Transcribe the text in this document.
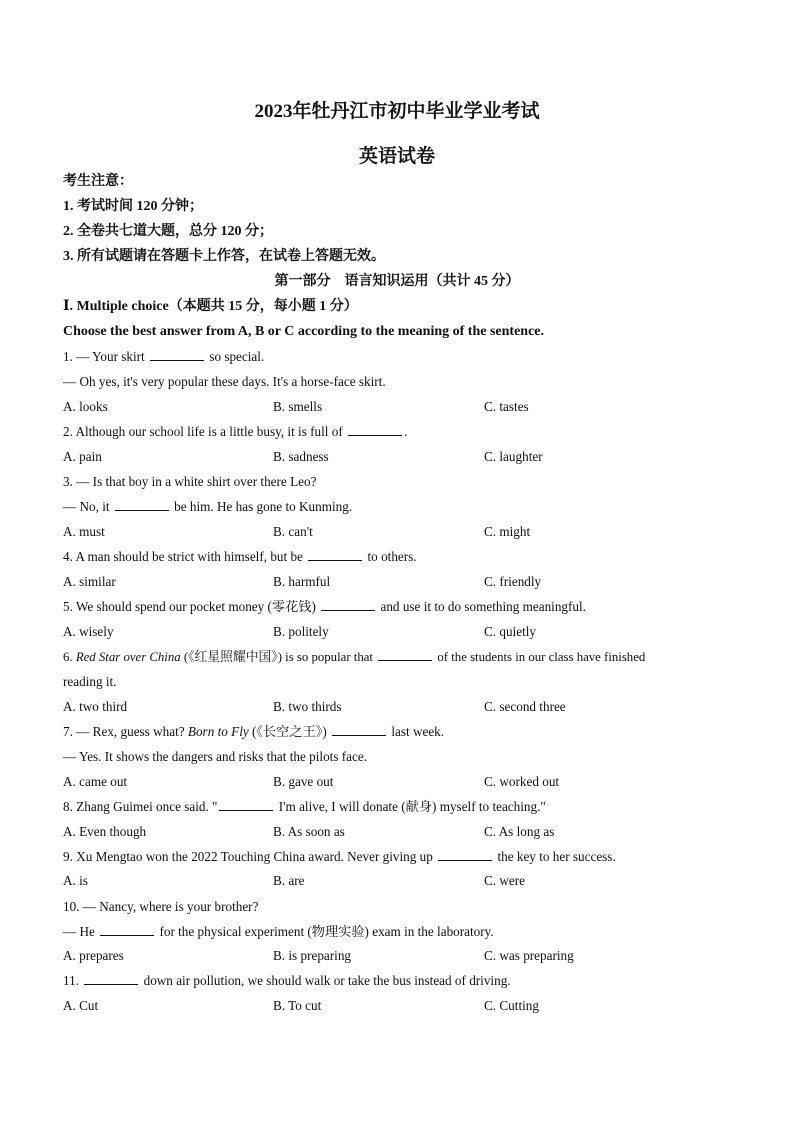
2023年牡丹江市初中毕业学业考试
英语试卷
考生注意：
1. 考试时间 120 分钟；
2. 全卷共七道大题，总分 120 分；
3. 所有试题请在答题卡上作答，在试卷上答题无效。
第一部分　语言知识运用（共计 45 分）
Ⅰ. Multiple choice（本题共 15 分，每小题 1 分）
Choose the best answer from A, B or C according to the meaning of the sentence.
1. — Your skirt	so special.
— Oh yes, it's very popular these days. It's a horse-face skirt.
A. looks	B. smells	C. tastes
2. Although our school life is a little busy, it is full of	.
A. pain	B. sadness	C. laughter
3. — Is that boy in a white shirt over there Leo?
— No, it	be him. He has gone to Kunming.
A. must	B. can't	C. might
4. A man should be strict with himself, but be	to others.
A. similar	B. harmful	C. friendly
5. We should spend our pocket money (零花钱)	and use it to do something meaningful.
A. wisely	B. politely	C. quietly
6. Red Star over China (《红星照耀中国》) is so popular that	of the students in our class have finished
reading it.
A. two third	B. two thirds	C. second three
7. — Rex, guess what? Born to Fly (《长空之王》)	last week.
— Yes. It shows the dangers and risks that the pilots face.
A. came out	B. gave out	C. worked out
8. Zhang Guimei once said. "	I'm alive, I will donate (献身) myself to teaching."
A. Even though	B. As soon as	C. As long as
9. Xu Mengtao won the 2022 Touching China award. Never giving up	the key to her success.
A. is	B. are	C. were
10. — Nancy, where is your brother?
— He	for the physical experiment (物理实验) exam in the laboratory.
A. prepares	B. is preparing	C. was preparing
11.	down air pollution, we should walk or take the bus instead of driving.
A. Cut	B. To cut	C. Cutting
